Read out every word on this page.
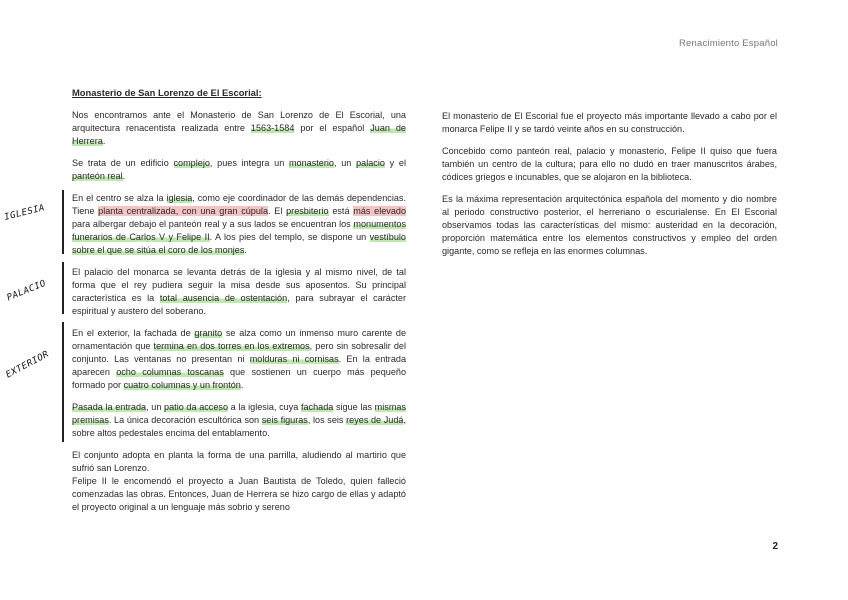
Renacimiento Español
IGLESIA
PALACIO
EXTERIOR
Monasterio de San Lorenzo de El Escorial:

Nos encontramos ante el Monasterio de San Lorenzo de El Escorial, una arquitectura renacentista realizada entre 1563-1584 por el español Juan de Herrera.

Se trata de un edificio complejo, pues integra un monasterio, un palacio y el panteón real.

En el centro se alza la iglesia, como eje coordinador de las demás dependencias. Tiene planta centralizada, con una gran cúpula. El presbiterio está más elevado para albergar debajo el panteón real y a sus lados se encuentran los monumentos funerarios de Carlos V y Felipe II. A los pies del templo, se dispone un vestíbulo sobre el que se sitúa el coro de los monjes.

El palacio del monarca se levanta detrás de la iglesia y al mismo nivel, de tal forma que el rey pudiera seguir la misa desde sus aposentos. Su principal característica es la total ausencia de ostentación, para subrayar el carácter espiritual y austero del soberano.

En el exterior, la fachada de granito se alza como un inmenso muro carente de ornamentación que termina en dos torres en los extremos, pero sin sobresalir del conjunto. Las ventanas no presentan ni molduras ni cornisas. En la entrada aparecen ocho columnas toscanas que sostienen un cuerpo más pequeño formado por cuatro columnas y un frontón.

Pasada la entrada, un patio da acceso a la iglesia, cuya fachada sigue las mismas premisas. La única decoración escultórica son seis figuras, los seis reyes de Judá, sobre altos pedestales encima del entablamento.

El conjunto adopta en planta la forma de una parrilla, aludiendo al martirio que sufrió san Lorenzo.
Felipe II le encomendó el proyecto a Juan Bautista de Toledo, quien falleció comenzadas las obras. Entonces, Juan de Herrera se hizo cargo de ellas y adaptó el proyecto original a un lenguaje más sobrio y sereno

El monasterio de El Escorial fue el proyecto más importante llevado a cabo por el monarca Felipe II y se tardó veinte años en su construcción.

Concebido como panteón real, palacio y monasterio, Felipe II quiso que fuera también un centro de la cultura; para ello no dudó en traer manuscritos árabes, códices griegos e incunables, que se alojaron en la biblioteca.

Es la máxima representación arquitectónica española del momento y dio nombre al periodo constructivo posterior, el herreriano o escurialense. En El Escorial observamos todas las características del mismo: austeridad en la decoración, proporción matemática entre los elementos constructivos y empleo del orden gigante, como se refleja en las enormes columnas.

2
